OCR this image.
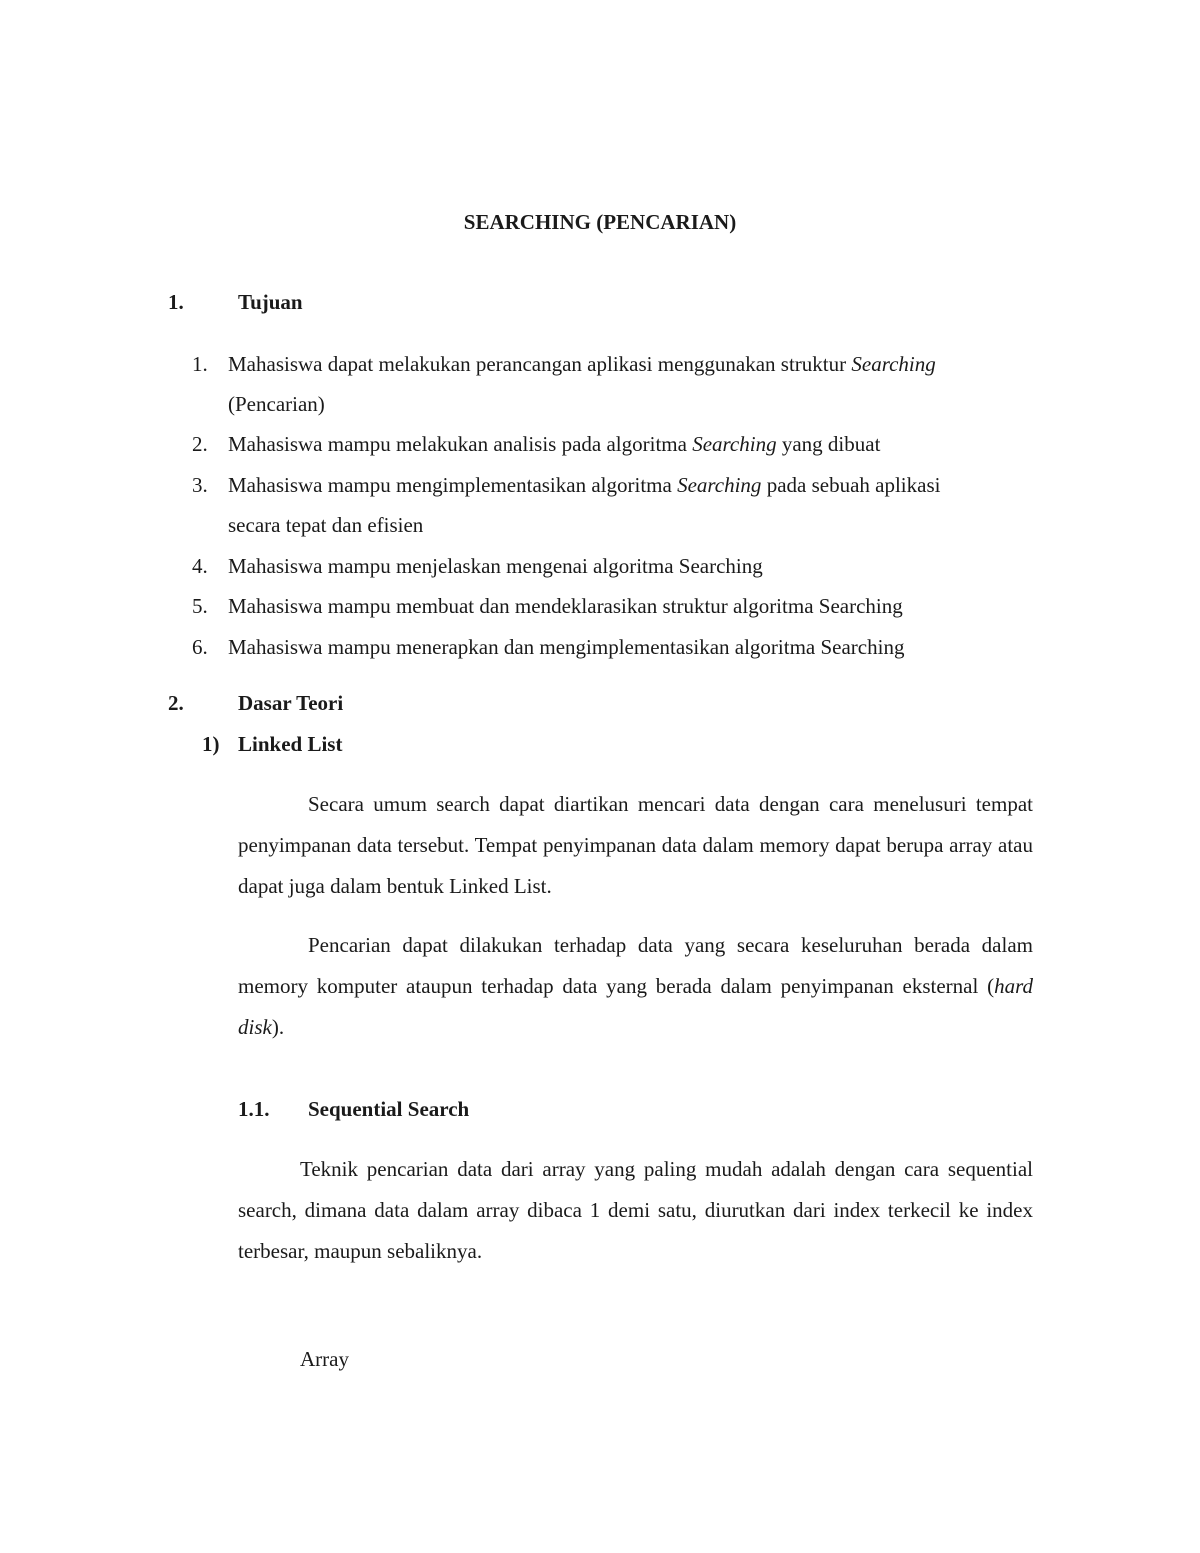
SEARCHING (PENCARIAN)
1.	Tujuan
1. Mahasiswa dapat melakukan perancangan aplikasi menggunakan struktur Searching
(Pencarian)
2. Mahasiswa mampu melakukan analisis pada algoritma Searching yang dibuat
3. Mahasiswa mampu mengimplementasikan algoritma Searching pada sebuah aplikasi
secara tepat dan efisien
4. Mahasiswa mampu menjelaskan mengenai algoritma Searching
5. Mahasiswa mampu membuat dan mendeklarasikan struktur algoritma Searching
6. Mahasiswa mampu menerapkan dan mengimplementasikan algoritma Searching
2.	Dasar Teori
1) Linked List
Secara umum search dapat diartikan mencari data dengan cara menelusuri tempat penyimpanan data tersebut. Tempat penyimpanan data dalam memory dapat berupa array atau dapat juga dalam bentuk Linked List.
Pencarian dapat dilakukan terhadap data yang secara keseluruhan berada dalam memory komputer ataupun terhadap data yang berada dalam penyimpanan eksternal (hard disk).
1.1. Sequential Search
Teknik pencarian data dari array yang paling mudah adalah dengan cara sequential search, dimana data dalam array dibaca 1 demi satu, diurutkan dari index terkecil ke index terbesar, maupun sebaliknya.
Array
